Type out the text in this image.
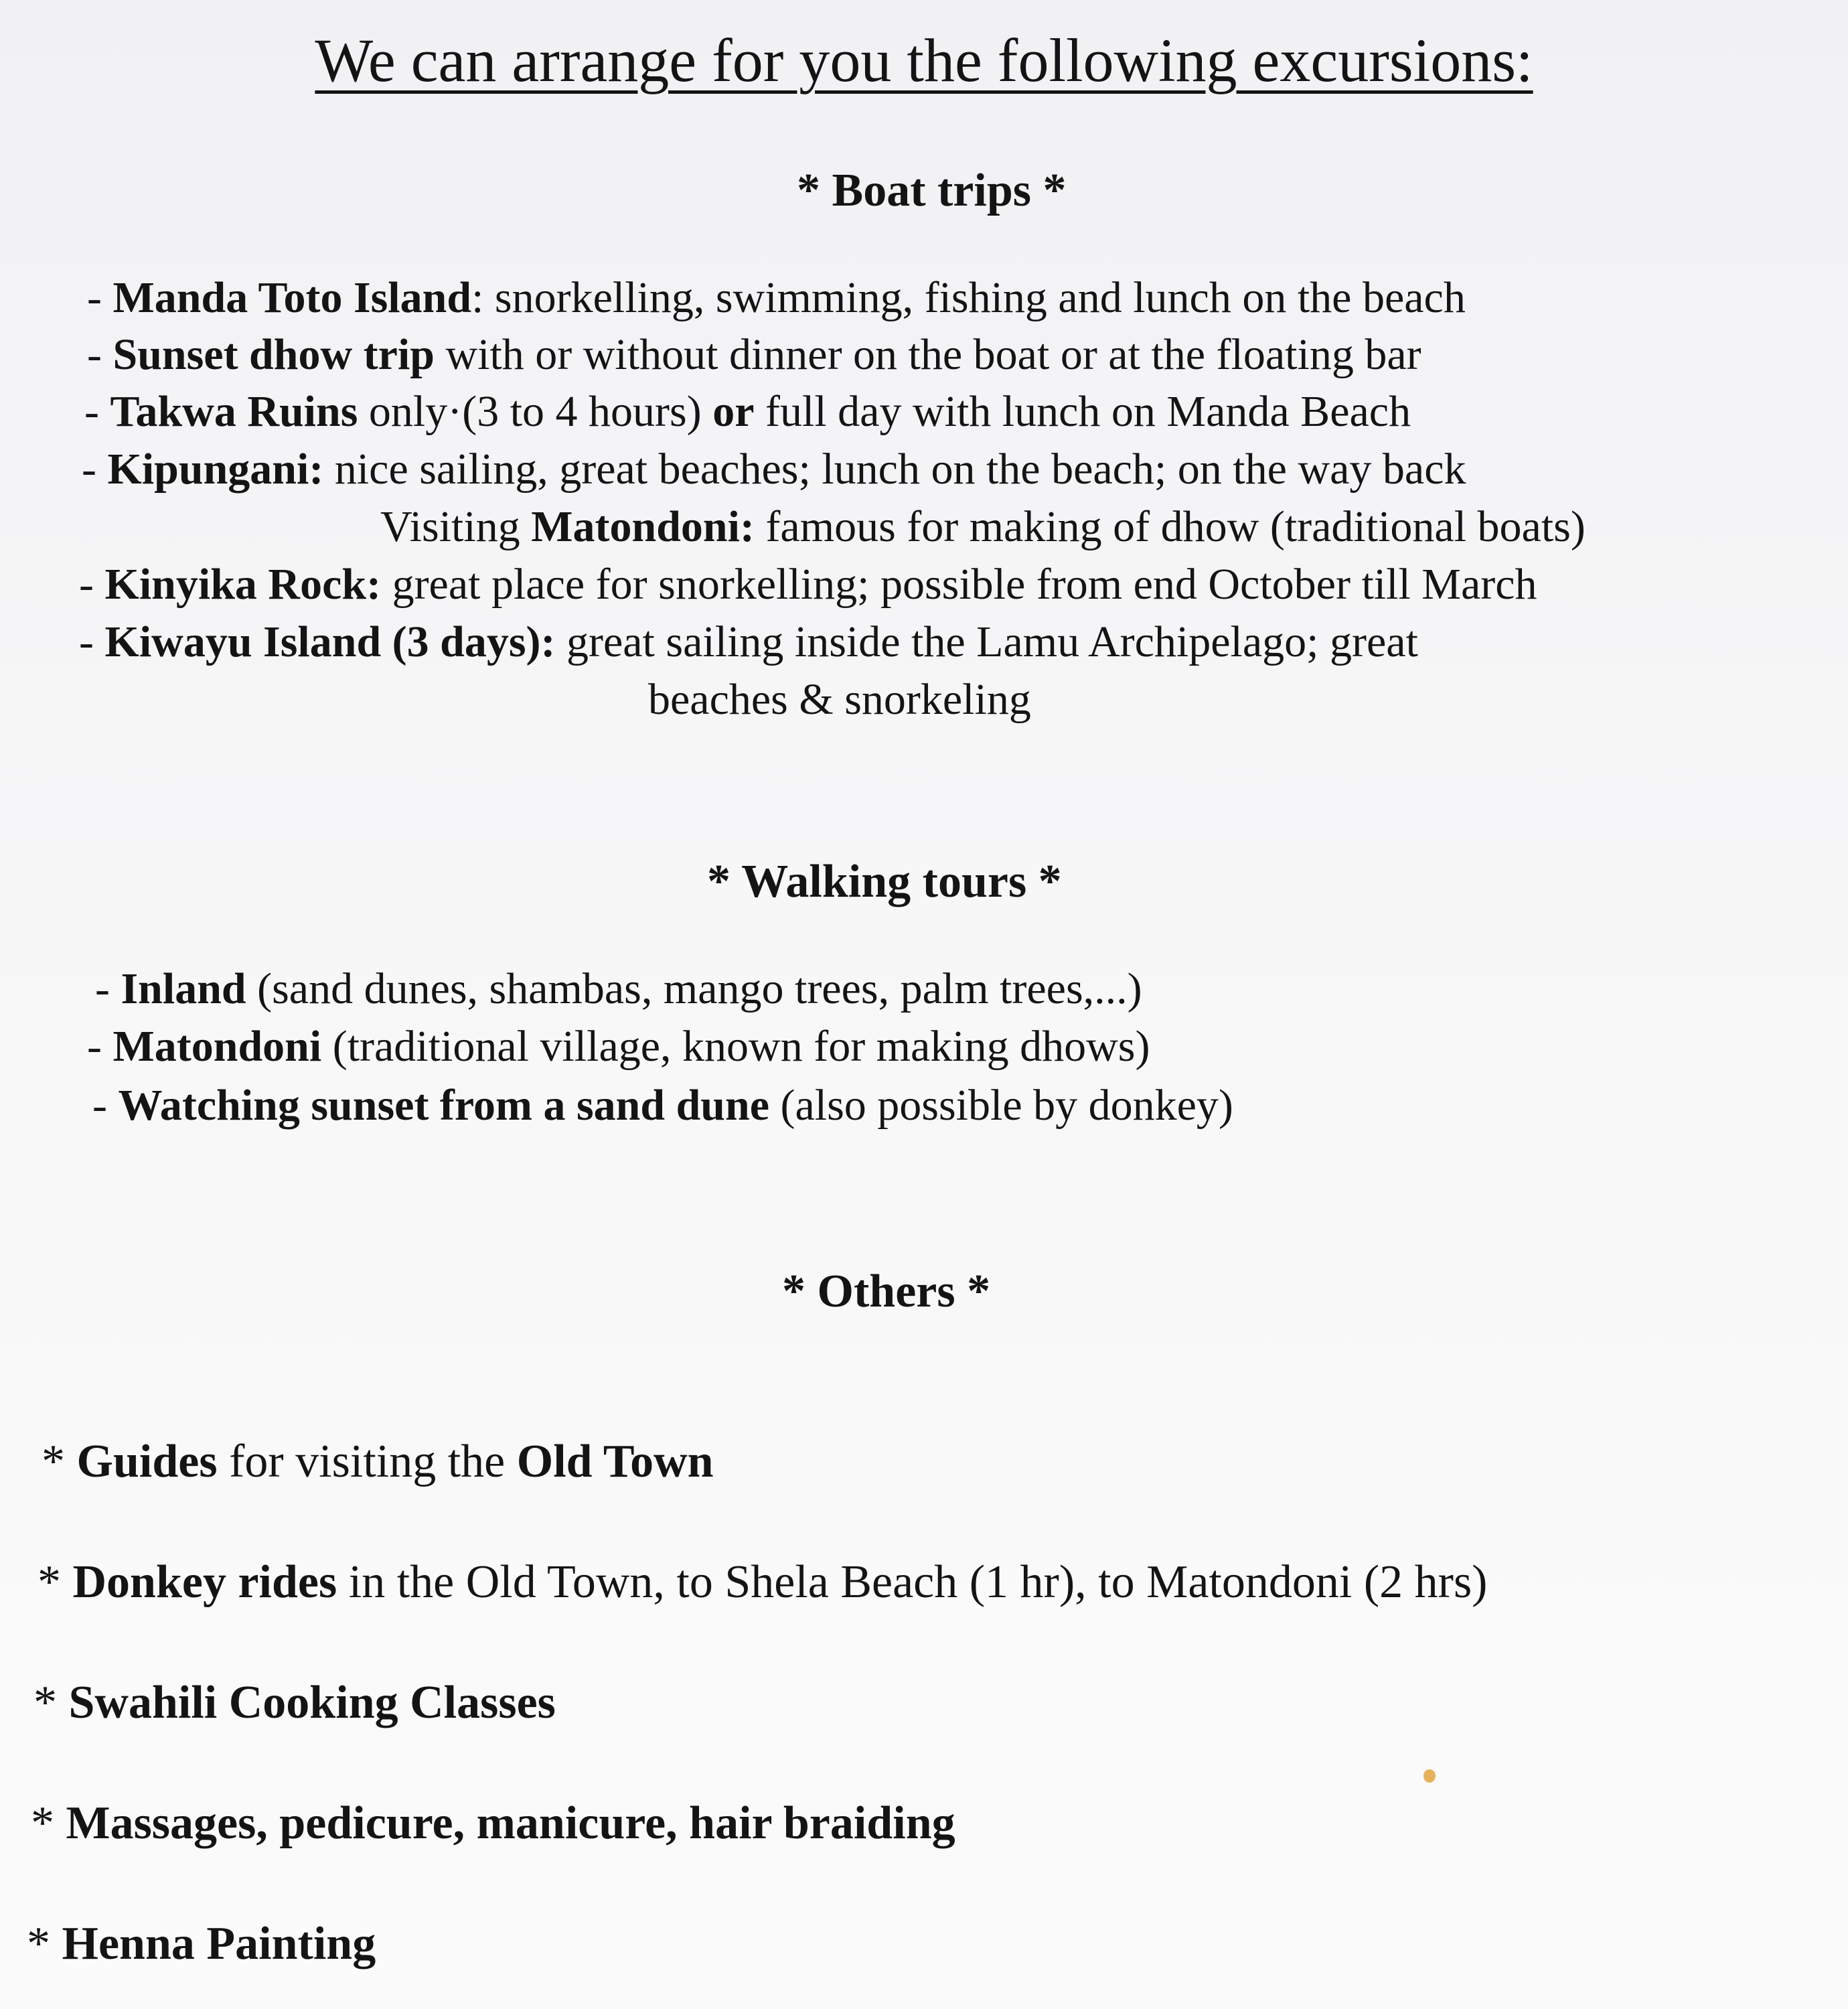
We can arrange for you the following excursions:
* Boat trips *
- Manda Toto Island: snorkelling, swimming, fishing and lunch on the beach
- Sunset dhow trip with or without dinner on the boat or at the floating bar
- Takwa Ruins only·(3 to 4 hours) or full day with lunch on Manda Beach
- Kipungani: nice sailing, great beaches; lunch on the beach; on the way back
Visiting Matondoni: famous for making of dhow (traditional boats)
- Kinyika Rock: great place for snorkelling; possible from end October till March
- Kiwayu Island (3 days): great sailing inside the Lamu Archipelago; great
beaches & snorkeling
* Walking tours *
- Inland (sand dunes, shambas, mango trees, palm trees,...)
- Matondoni (traditional village, known for making dhows)
- Watching sunset from a sand dune (also possible by donkey)
* Others *
* Guides for visiting the Old Town
* Donkey rides in the Old Town, to Shela Beach (1 hr), to Matondoni (2 hrs)
* Swahili Cooking Classes
* Massages, pedicure, manicure, hair braiding
* Henna Painting
